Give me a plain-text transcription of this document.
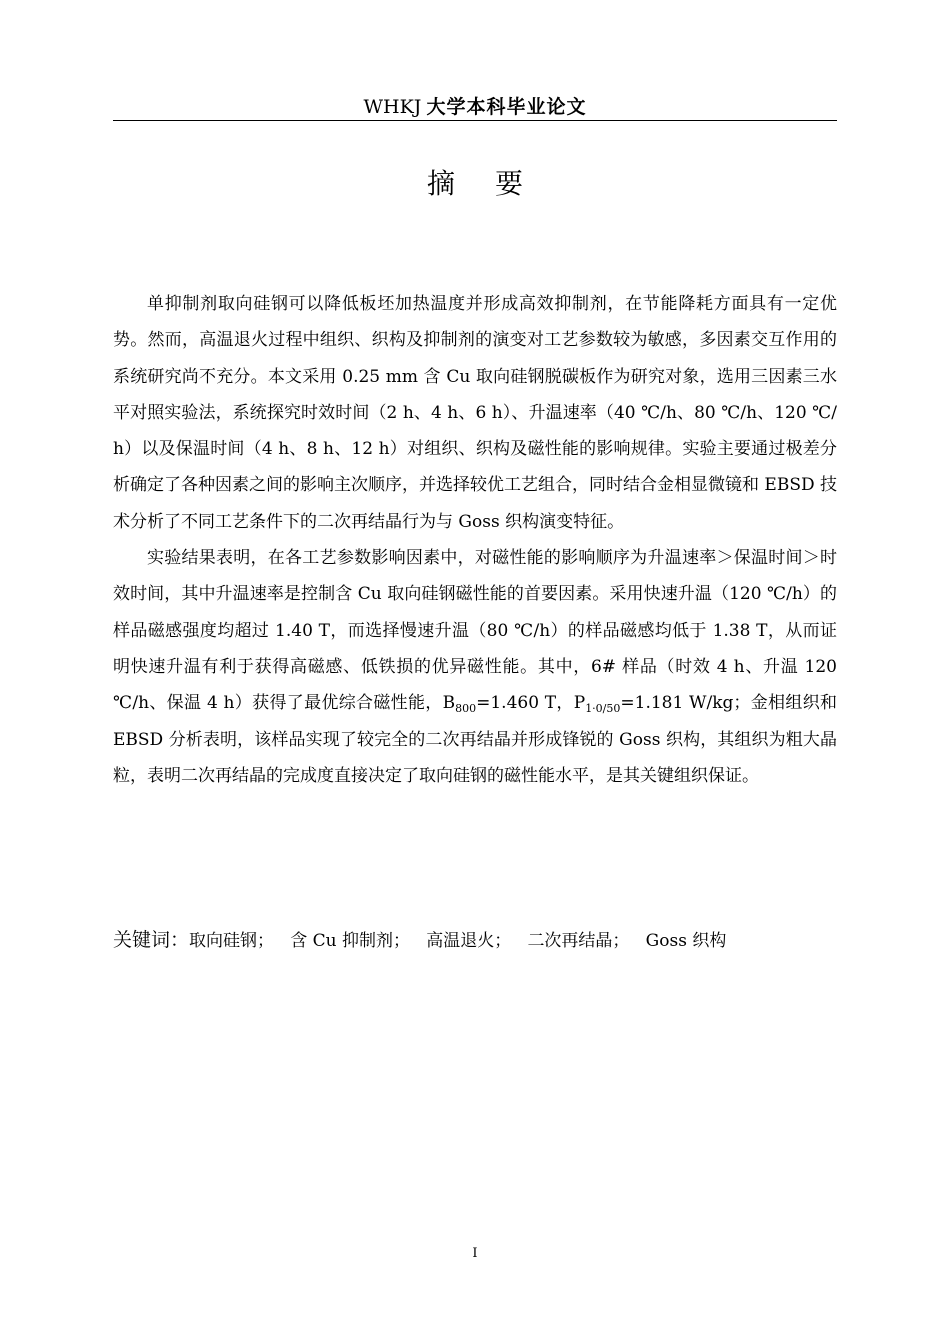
WHKJ 大学本科毕业论文
摘 要

单抑制剂取向硅钢可以降低板坯加热温度并形成高效抑制剂，在节能降耗方面具有一定优势。然而，高温退火过程中组织、织构及抑制剂的演变对工艺参数较为敏感，多因素交互作用的系统研究尚不充分。本文采用 0.25 mm 含 Cu 取向硅钢脱碳板作为研究对象，选用三因素三水平对照实验法，系统探究时效时间（2 h、4 h、6 h）、升温速率（40 ℃/h、80 ℃/h、120 ℃/h）以及保温时间（4 h、8 h、12 h）对组织、织构及磁性能的影响规律。实验主要通过极差分析确定了各种因素之间的影响主次顺序，并选择较优工艺组合，同时结合金相显微镜和 EBSD 技术分析了不同工艺条件下的二次再结晶行为与 Goss 织构演变特征。

实验结果表明，在各工艺参数影响因素中，对磁性能的影响顺序为升温速率＞保温时间＞时效时间，其中升温速率是控制含 Cu 取向硅钢磁性能的首要因素。采用快速升温（120 ℃/h）的样品磁感强度均超过 1.40 T，而选择慢速升温（80 ℃/h）的样品磁感均低于 1.38 T，从而证明快速升温有利于获得高磁感、低铁损的优异磁性能。其中，6# 样品（时效 4 h、升温 120 ℃/h、保温 4 h）获得了最优综合磁性能，$B_{800}=1.460$ T，$P_{1\cdot 0/50}=1.181$ W/kg；金相组织和 EBSD 分析表明，该样品实现了较完全的二次再结晶并形成锋锐的 Goss 织构，其组织为粗大晶粒，表明二次再结晶的完成度直接决定了取向硅钢的磁性能水平，是其关键组织保证。

关键词：取向硅钢； 含 Cu 抑制剂； 高温退火； 二次再结晶； Goss 织构
I
